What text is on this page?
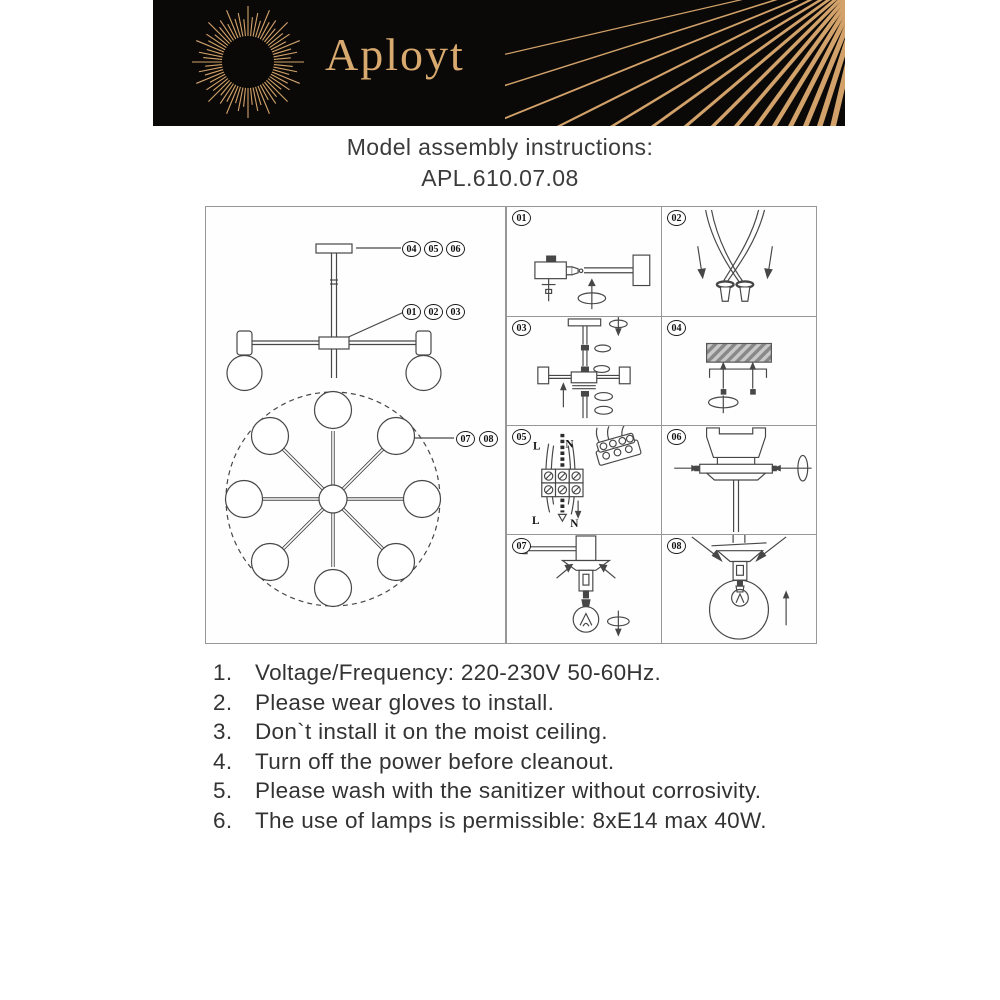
Aployt
Model assembly instructions:
APL.610.07.08
04	05	06
01	02	03
07	08
01	02
03	04
05
L N
L	N
06
07	08
1.	Voltage/Frequency: 220-230V 50-60Hz.
2.	Please wear gloves to install.
3.	Don`t install it on the moist ceiling.
4.	Turn off the power before cleanout.
5.	Please wash with the sanitizer without corrosivity.
6.	The use of lamps is permissible: 8xE14 max 40W.
